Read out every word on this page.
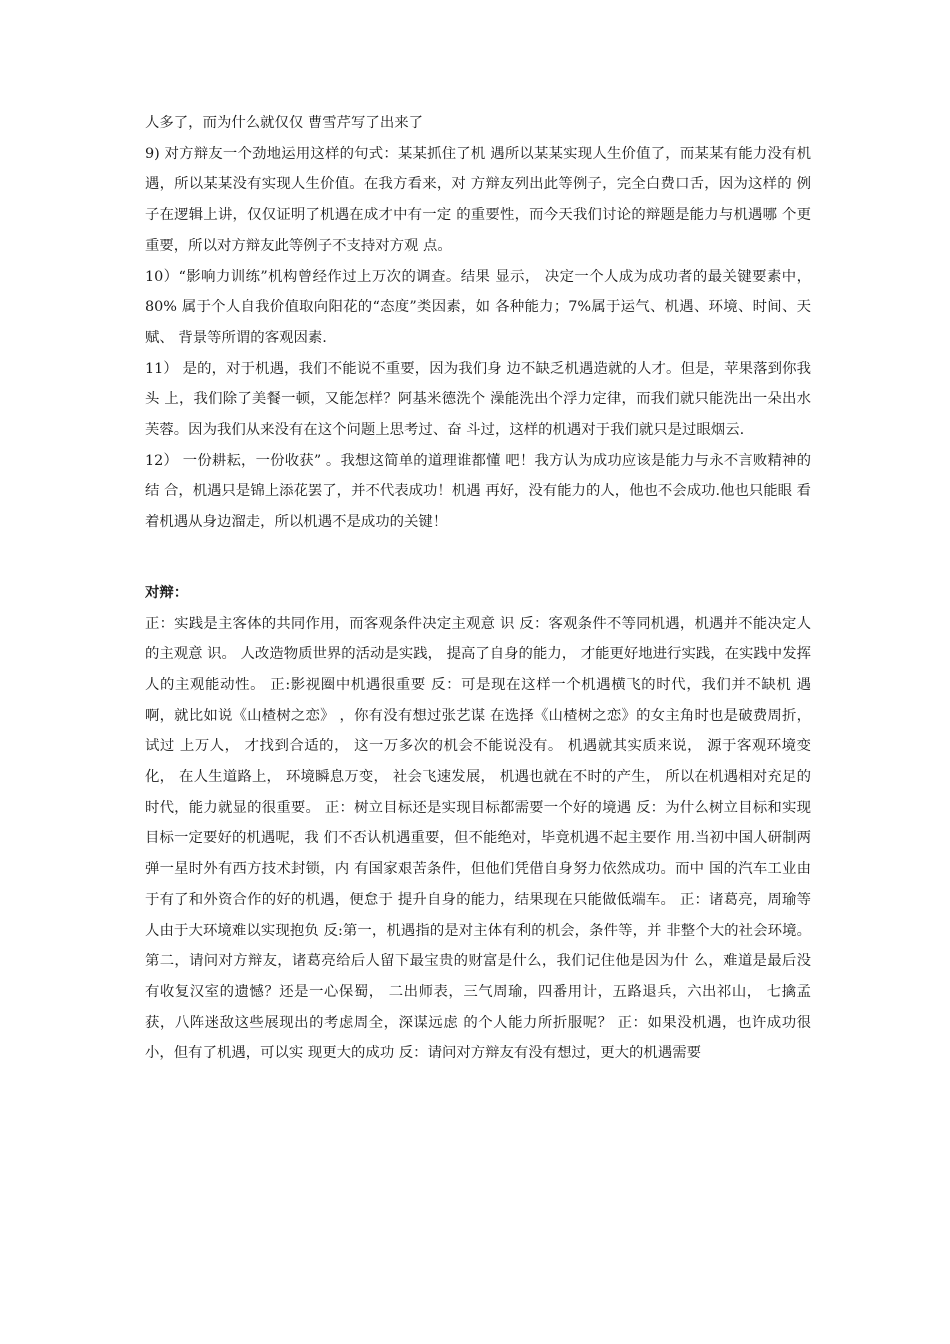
人多了，而为什么就仅仅 曹雪芹写了出来了

9) 对方辩友一个劲地运用这样的句式：某某抓住了机 遇所以某某实现人生价值了，而某某有能力没有机 遇，所以某某没有实现人生价值。在我方看来，对 方辩友列出此等例子，完全白费口舌，因为这样的 例子在逻辑上讲，仅仅证明了机遇在成才中有一定 的重要性，而今天我们讨论的辩题是能力与机遇哪 个更重要，所以对方辩友此等例子不支持对方观 点。

10）“影响力训练”机构曾经作过上万次的调查。结果 显示， 决定一个人成为成功者的最关键要素中， 80% 属于个人自我价值取向阳花的“态度”类因素，如 各种能力；7%属于运气、机遇、环境、时间、天赋、 背景等所谓的客观因素.

11） 是的，对于机遇，我们不能说不重要，因为我们身 边不缺乏机遇造就的人才。但是，苹果落到你我头 上，我们除了美餐一顿，又能怎样？阿基米德洗个 澡能洗出个浮力定律，而我们就只能洗出一朵出水 芙蓉。因为我们从来没有在这个问题上思考过、奋 斗过，这样的机遇对于我们就只是过眼烟云.

12） 一份耕耘，一份收获” 。我想这简单的道理谁都懂 吧！我方认为成功应该是能力与永不言败精神的结 合，机遇只是锦上添花罢了，并不代表成功！机遇 再好，没有能力的人，他也不会成功.他也只能眼 看着机遇从身边溜走，所以机遇不是成功的关键！

对辩：

正：实践是主客体的共同作用，而客观条件决定主观意 识 反：客观条件不等同机遇，机遇并不能决定人的主观意 识。 人改造物质世界的活动是实践， 提高了自身的能力， 才能更好地进行实践，在实践中发挥人的主观能动性。 正:影视圈中机遇很重要 反：可是现在这样一个机遇横飞的时代，我们并不缺机 遇啊，就比如说《山楂树之恋》 ，你有没有想过张艺谋 在选择《山楂树之恋》的女主角时也是破费周折，试过 上万人， 才找到合适的， 这一万多次的机会不能说没有。 机遇就其实质来说， 源于客观环境变化， 在人生道路上， 环境瞬息万变， 社会飞速发展， 机遇也就在不时的产生， 所以在机遇相对充足的时代，能力就显的很重要。 正：树立目标还是实现目标都需要一个好的境遇 反：为什么树立目标和实现目标一定要好的机遇呢，我 们不否认机遇重要，但不能绝对，毕竟机遇不起主要作 用.当初中国人研制两弹一星时外有西方技术封锁，内 有国家艰苦条件，但他们凭借自身努力依然成功。而中 国的汽车工业由于有了和外资合作的好的机遇，便怠于 提升自身的能力，结果现在只能做低端车。 正：诸葛亮，周瑜等人由于大环境难以实现抱负 反:第一，机遇指的是对主体有利的机会，条件等，并 非整个大的社会环境。第二，请问对方辩友，诸葛亮给后人留下最宝贵的财富是什么，我们记住他是因为什 么，难道是最后没有收复汉室的遗憾？还是一心保蜀， 二出师表，三气周瑜，四番用计，五路退兵，六出祁山， 七擒孟获，八阵迷敌这些展现出的考虑周全，深谋远虑 的个人能力所折服呢？ 正：如果没机遇，也许成功很小，但有了机遇，可以实 现更大的成功 反：请问对方辩友有没有想过，更大的机遇需要
